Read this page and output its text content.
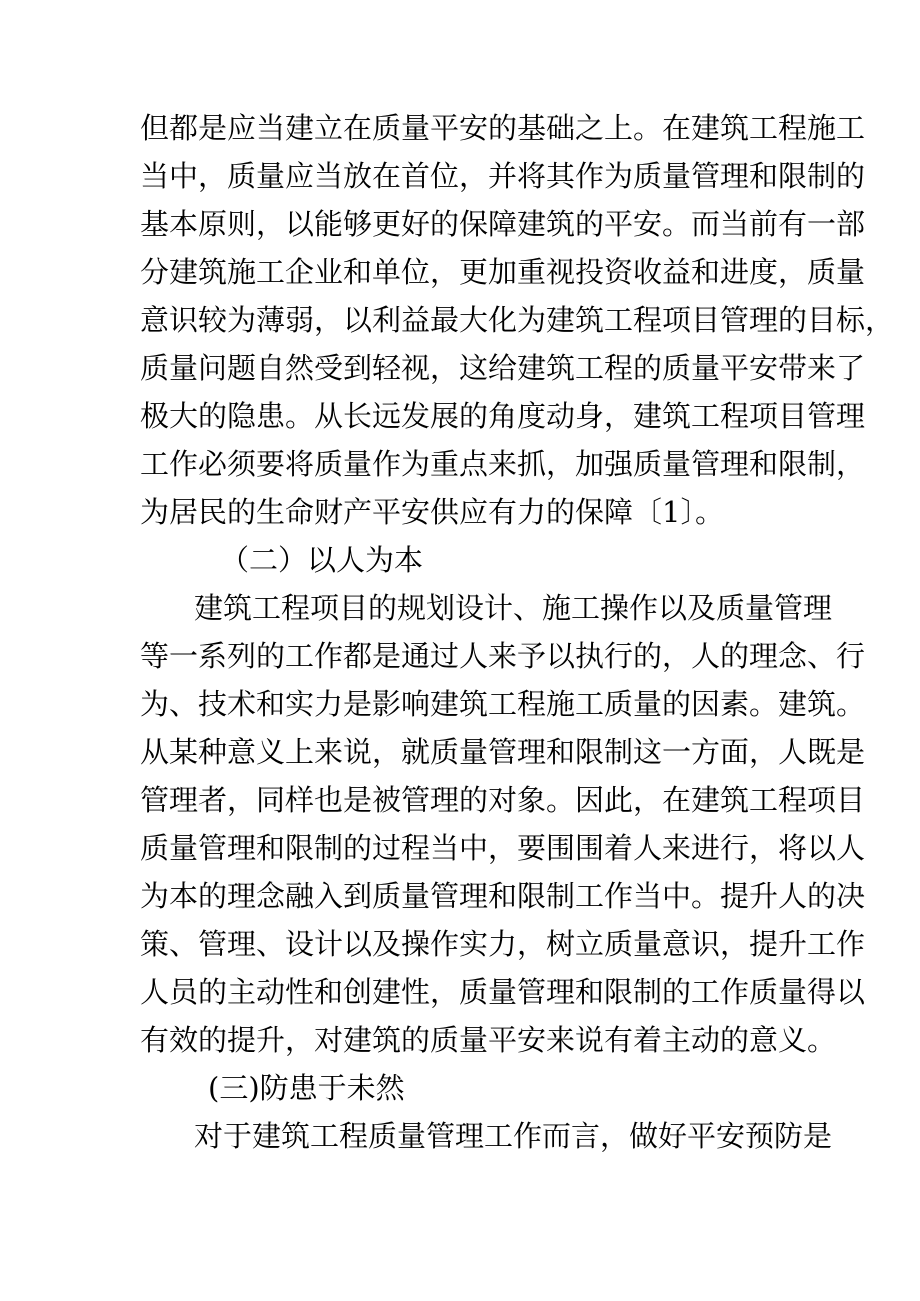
但都是应当建立在质量平安的基础之上。在建筑工程施工
当中，质量应当放在首位，并将其作为质量管理和限制的
基本原则，以能够更好的保障建筑的平安。而当前有一部
分建筑施工企业和单位，更加重视投资收益和进度，质量
意识较为薄弱，以利益最大化为建筑工程项目管理的目标，
质量问题自然受到轻视，这给建筑工程的质量平安带来了
极大的隐患。从长远发展的角度动身，建筑工程项目管理
工作必须要将质量作为重点来抓，加强质量管理和限制，
为居民的生命财产平安供应有力的保障〔1〕。
（二）以人为本
建筑工程项目的规划设计、施工操作以及质量管理
等一系列的工作都是通过人来予以执行的，人的理念、行
为、技术和实力是影响建筑工程施工质量的因素。建筑。
从某种意义上来说，就质量管理和限制这一方面，人既是
管理者，同样也是被管理的对象。因此，在建筑工程项目
质量管理和限制的过程当中，要围围着人来进行，将以人
为本的理念融入到质量管理和限制工作当中。提升人的决
策、管理、设计以及操作实力，树立质量意识，提升工作
人员的主动性和创建性，质量管理和限制的工作质量得以
有效的提升，对建筑的质量平安来说有着主动的意义。
(三)防患于未然
对于建筑工程质量管理工作而言，做好平安预防是
